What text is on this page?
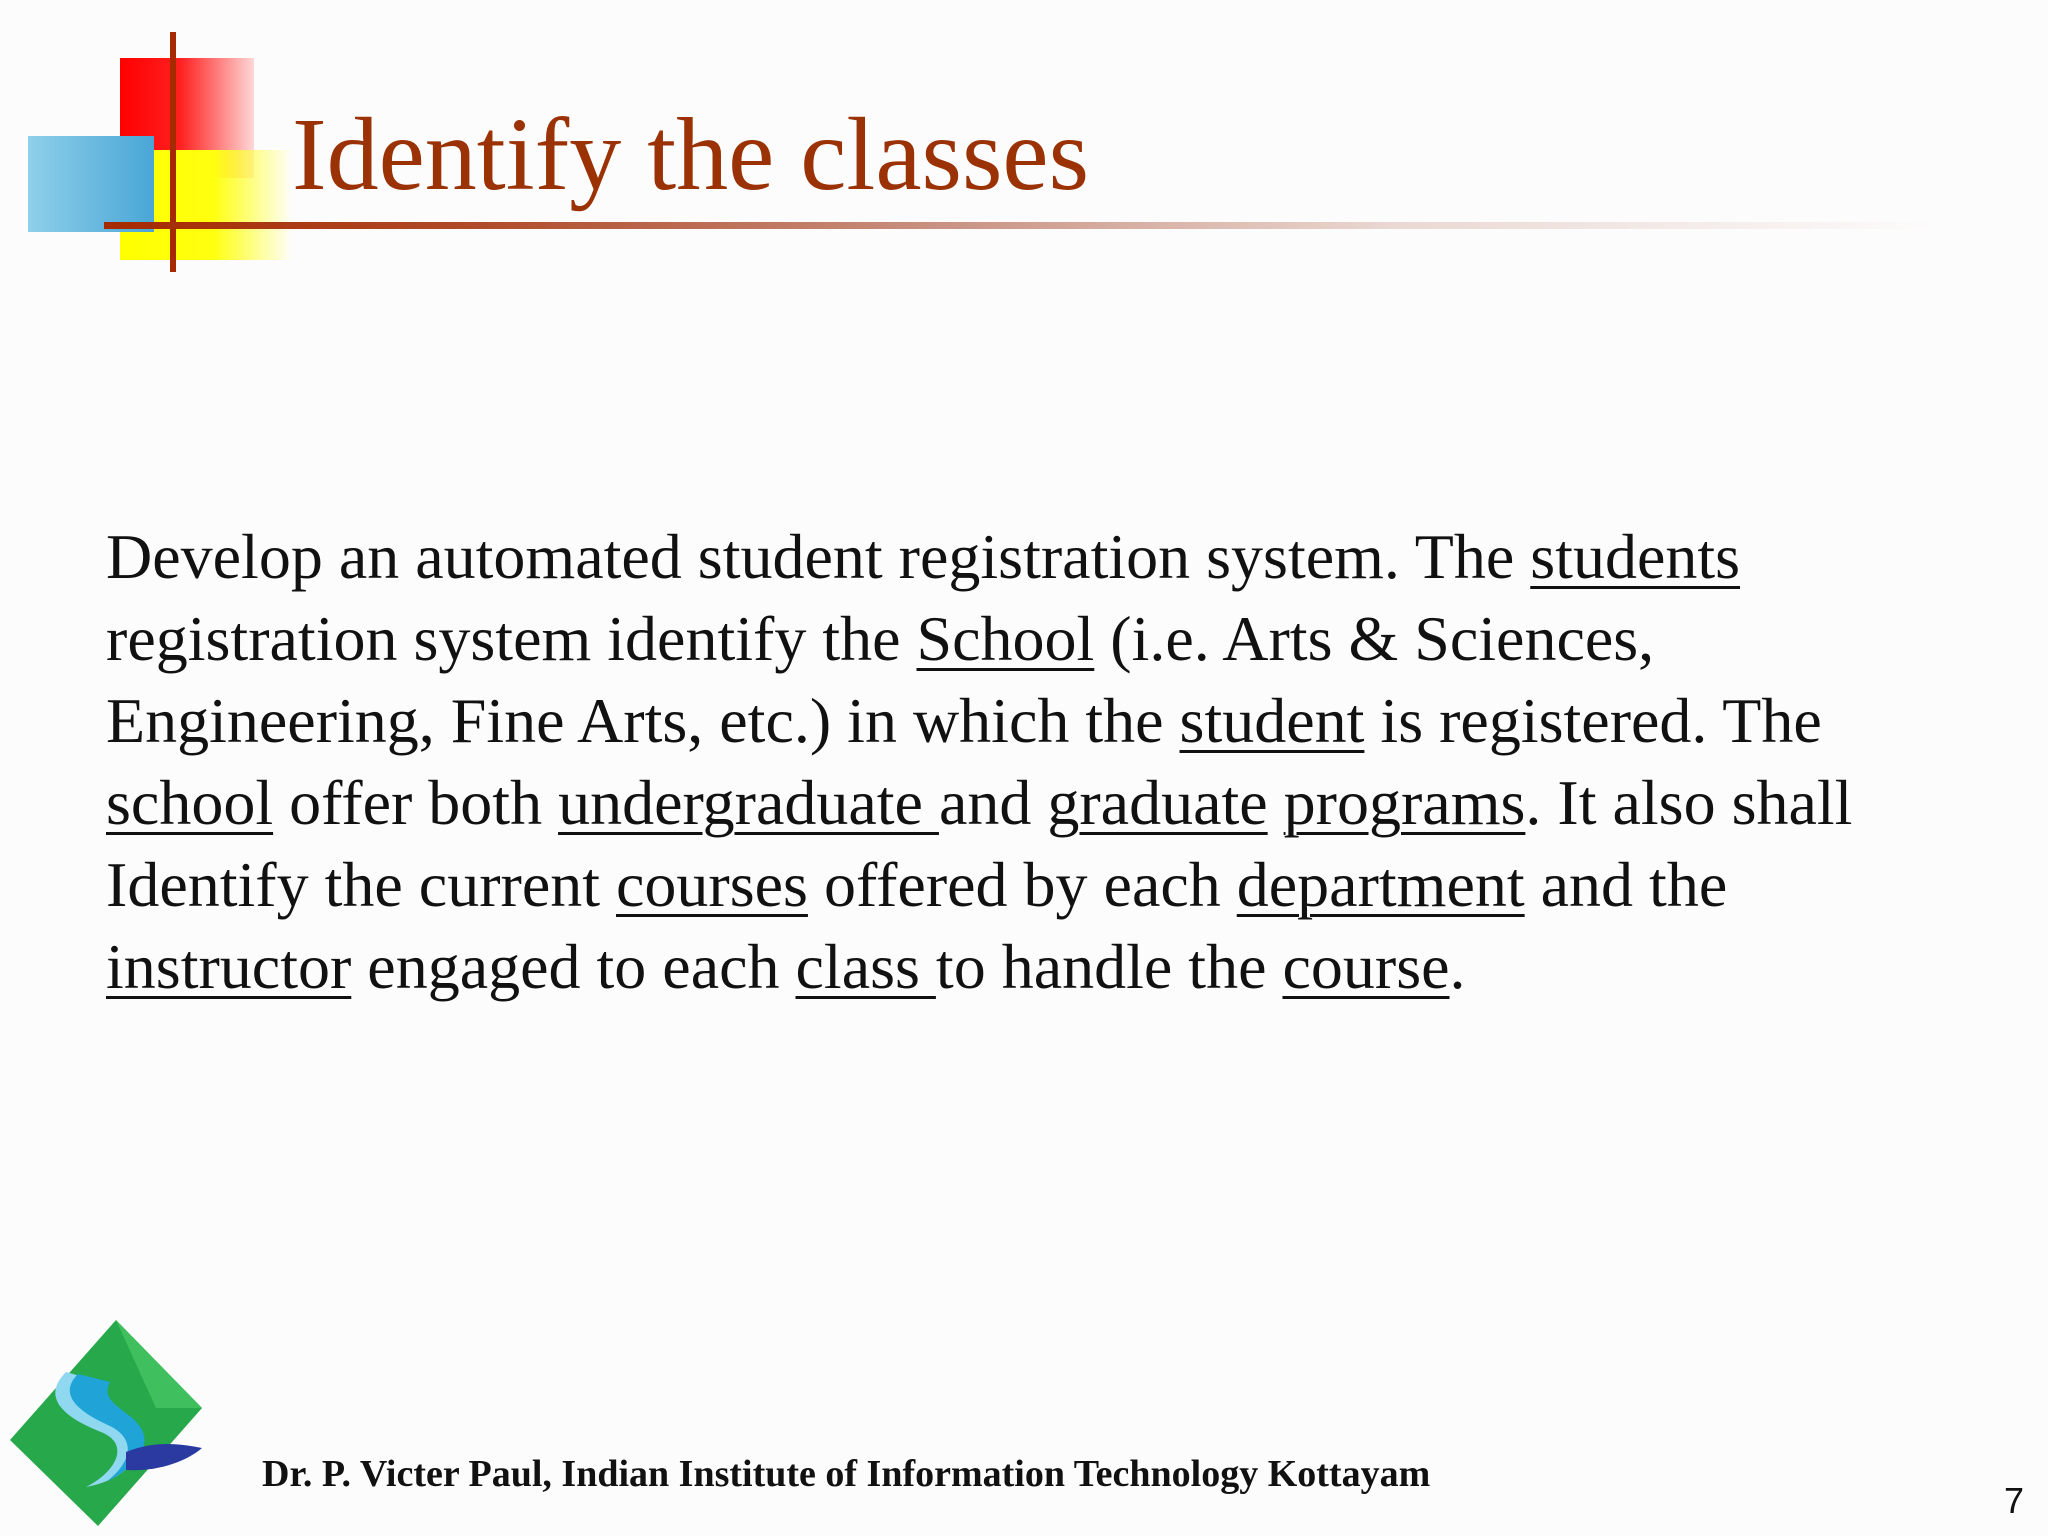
Identify the classes
Develop an automated student registration system. The students
registration system identify the School (i.e. Arts & Sciences,
Engineering, Fine Arts, etc.) in which the student is registered. The
school offer both undergraduate and graduate programs. It also shall
Identify the current courses offered by each department and the
instructor engaged to each class to handle the course.
Dr. P. Victer Paul, Indian Institute of Information Technology Kottayam
7
